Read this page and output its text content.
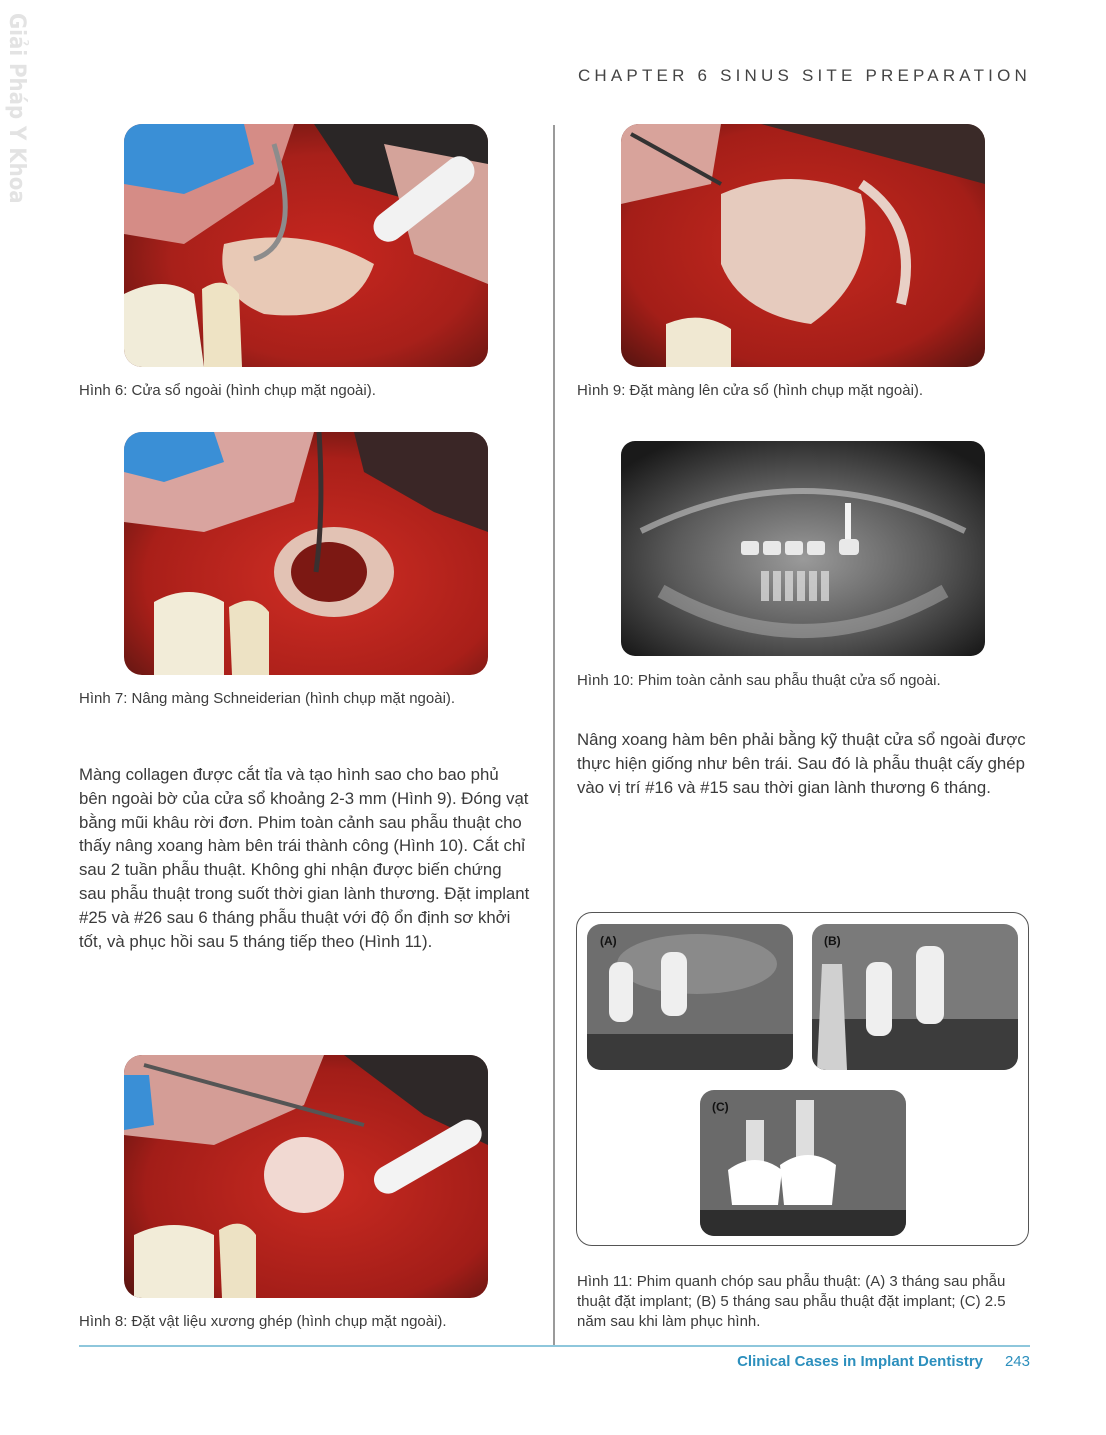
Giải Pháp Y Khoa	CHAPTER 6 SINUS SITE PREPARATION
Hình 6: Cửa sổ ngoài (hình chụp mặt ngoài).
Hình 7: Nâng màng Schneiderian (hình chụp mặt ngoài).
Màng collagen được cắt tỉa và tạo hình sao cho bao phủ bên ngoài bờ của cửa sổ khoảng 2-3 mm (Hình 9). Đóng vạt bằng mũi khâu rời đơn. Phim toàn cảnh sau phẫu thuật cho thấy nâng xoang hàm bên trái thành công (Hình 10). Cắt chỉ sau 2 tuần phẫu thuật. Không ghi nhận được biến chứng sau phẫu thuật trong suốt thời gian lành thương. Đặt implant #25 và #26 sau 6 tháng phẫu thuật với độ ổn định sơ khởi tốt, và phục hồi sau 5 tháng tiếp theo (Hình 11).
Hình 8: Đặt vật liệu xương ghép (hình chụp mặt ngoài).
Hình 9: Đặt màng lên cửa sổ (hình chụp mặt ngoài).
Hình 10: Phim toàn cảnh sau phẫu thuật cửa sổ ngoài.
Nâng xoang hàm bên phải bằng kỹ thuật cửa sổ ngoài được thực hiện giống như bên trái. Sau đó là phẫu thuật cấy ghép vào vị trí #16 và #15 sau thời gian lành thương 6 tháng.
(A)	(B)
(C)
Hình 11: Phim quanh chóp sau phẫu thuật: (A) 3 tháng sau phẫu thuật đặt implant; (B) 5 tháng sau phẫu thuật đặt implant; (C) 2.5 năm sau khi làm phục hình.
Clinical Cases in Implant Dentistry 243
